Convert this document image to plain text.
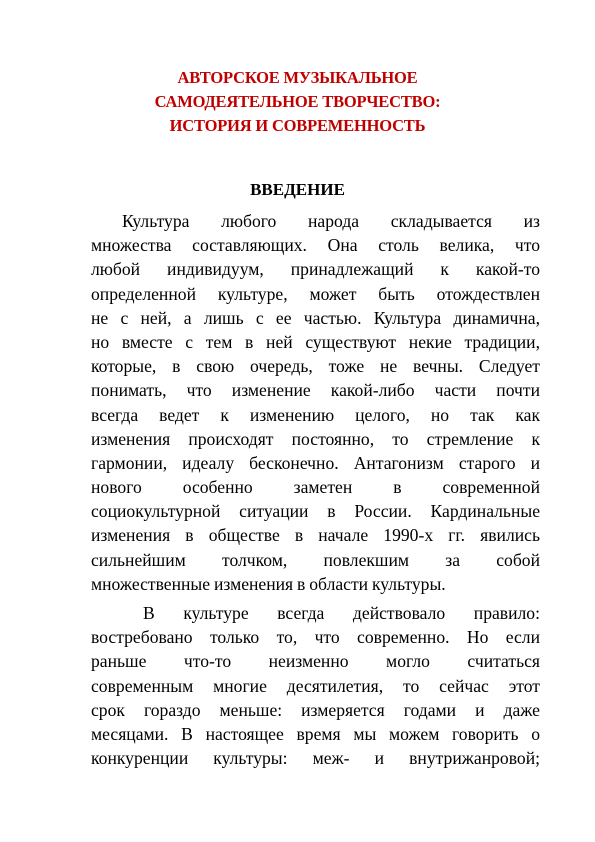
АВТОРСКОЕ МУЗЫКАЛЬНОЕ
САМОДЕЯТЕЛЬНОЕ ТВОРЧЕСТВО:
ИСТОРИЯ И СОВРЕМЕННОСТЬ
ВВЕДЕНИЕ
Культура любого народа складывается из
множества составляющих. Она столь велика, что
любой индивидуум, принадлежащий к какой-то
определенной культуре, может быть отождествлен
не с ней, а лишь с ее частью. Культура динамична,
но вместе с тем в ней существуют некие традиции,
которые, в свою очередь, тоже не вечны. Следует
понимать, что изменение какой-либо части почти
всегда ведет к изменению целого, но так как
изменения происходят постоянно, то стремление к
гармонии, идеалу бесконечно. Антагонизм старого и
нового особенно заметен в современной
социокультурной ситуации в России. Кардинальные
изменения в обществе в начале 1990-х гг. явились
сильнейшим толчком, повлекшим за собой
множественные изменения в области культуры.
В культуре всегда действовало правило:
востребовано только то, что современно. Но если
раньше что-то неизменно могло считаться
современным многие десятилетия, то сейчас этот
срок гораздо меньше: измеряется годами и даже
месяцами. В настоящее время мы можем говорить о
конкуренции культуры: меж- и внутрижанровой;
